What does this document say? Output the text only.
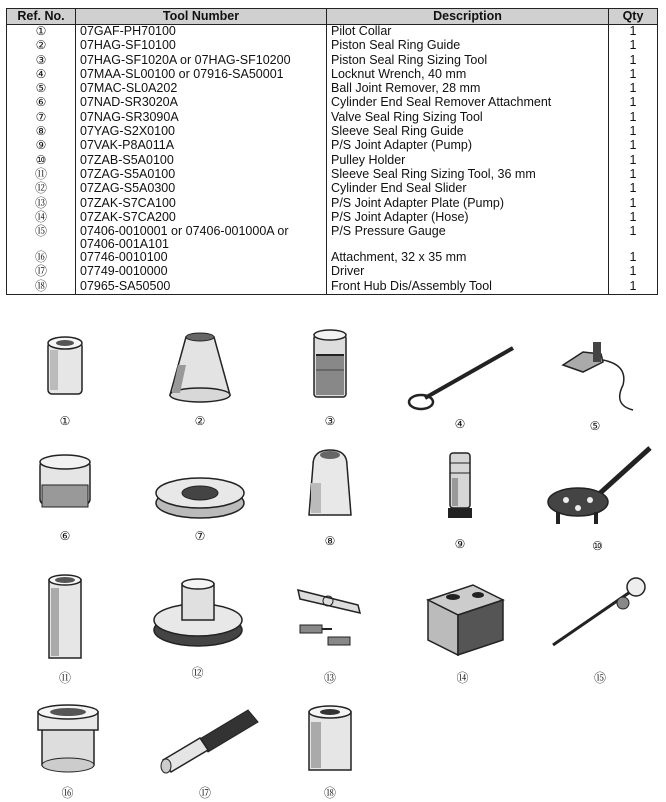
Ref. No.	Tool Number	Description	Qty
①	07GAF-PH70100	Pilot Collar	1
②	07HAG-SF10100	Piston Seal Ring Guide	1
③	07HAG-SF1020A or 07HAG-SF10200	Piston Seal Ring Sizing Tool	1
④	07MAA-SL00100 or 07916-SA50001	Locknut Wrench, 40 mm	1
⑤	07MAC-SL0A202	Ball Joint Remover, 28 mm	1
⑥	07NAD-SR3020A	Cylinder End Seal Remover Attachment	1
⑦	07NAG-SR3090A	Valve Seal Ring Sizing Tool	1
⑧	07YAG-S2X0100	Sleeve Seal Ring Guide	1
⑨	07VAK-P8A011A	P/S Joint Adapter (Pump)	1
⑩	07ZAB-S5A0100	Pulley Holder	1
⑪	07ZAG-S5A0100	Sleeve Seal Ring Sizing Tool, 36 mm	1
⑫	07ZAG-S5A0300	Cylinder End Seal Slider	1
⑬	07ZAK-S7CA100	P/S Joint Adapter Plate (Pump)	1
⑭	07ZAK-S7CA200	P/S Joint Adapter (Hose)	1
⑮	07406-0010001 or 07406-001000A or
07406-001A101	P/S Pressure Gauge	1
⑯	07746-0010100	Attachment, 32 x 35 mm	1
⑰	07749-0010000	Driver	1
⑱	07965-SA50500	Front Hub Dis/Assembly Tool	1
①	②	③	④	⑤
⑥	⑦	⑧	⑨	⑩
⑪	⑫	⑬	⑭	⑮
⑯	⑰	⑱
